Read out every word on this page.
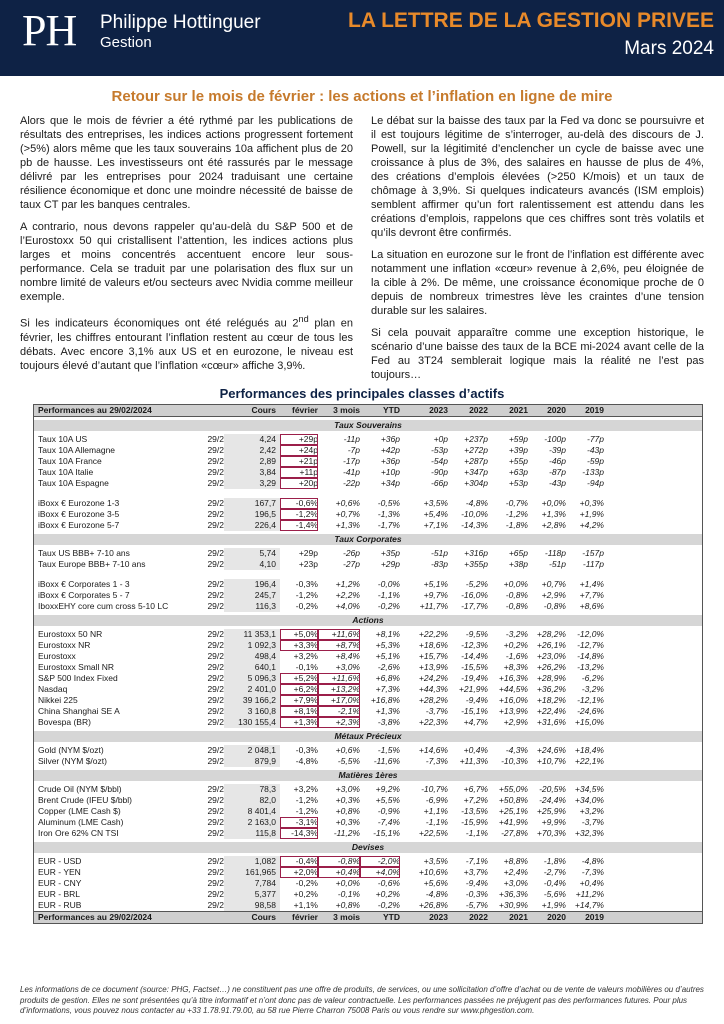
PH Philippe Hottinguer
Gestion
LA LETTRE DE LA GESTION PRIVEE
Mars 2024
Retour sur le mois de février : les actions et l’inflation en ligne de mire

Alors que le mois de février a été rythmé par les publications de résultats des entreprises, les indices actions progressent fortement (>5%) alors même que les taux souverains 10a affichent plus de 20 pb de hausse. Les investisseurs ont été rassurés par le message délivré par les entreprises pour 2024 traduisant une certaine résilience économique et donc une moindre nécessité de baisse de taux CT par les banques centrales.

A contrario, nous devons rappeler qu’au-delà du S&P 500 et de l’Eurostoxx 50 qui cristallisent l’attention, les indices actions plus larges et moins concentrés accentuent encore leur sous-performance. Cela se traduit par une polarisation des flux sur un nombre limité de valeurs et/ou secteurs avec Nvidia comme meilleur exemple.

Si les indicateurs économiques ont été relégués au 2nd plan en février, les chiffres entourant l’inflation restent au cœur de tous les débats. Avec encore 3,1% aux US et en eurozone, le niveau est toujours élevé d’autant que l’inflation «cœur» affiche 3,9%.

Le débat sur la baisse des taux par la Fed va donc se poursuivre et il est toujours légitime de s’interroger, au-delà des discours de J. Powell, sur la légitimité d’enclencher un cycle de baisse avec une croissance à plus de 3%, des salaires en hausse de plus de 4%, des créations d’emplois élevées (>250 K/mois) et un taux de chômage à 3,9%. Si quelques indicateurs avancés (ISM emplois) semblent affirmer qu’un fort ralentissement est attendu dans les créations d’emplois, rappelons que ces chiffres sont très volatils et qu’ils devront être confirmés.

La situation en eurozone sur le front de l’inflation est différente avec notamment une inflation «cœur» revenue à 2,6%, peu éloignée de la cible à 2%. De même, une croissance économique proche de 0 depuis de nombreux trimestres lève les craintes d’une tension durable sur les salaires.

Si cela pouvait apparaître comme une exception historique, le scénario d’une baisse des taux de la BCE mi-2024 avant celle de la Fed au 3T24 semblerait logique mais la réalité ne l’est pas toujours…

Performances des principales classes d’actifs
Performances au 29/02/2024	Cours	février	3 mois	YTD	2023	2022	2021	2020	2019
Taux Souverains
Taux 10A US	29/2	4,24	+29p	-11p	+36p	+0p	+237p	+59p	-100p	-77p
Taux 10A Allemagne	29/2	2,42	+24p	-7p	+42p	-53p	+272p	+39p	-39p	-43p
Taux 10A France	29/2	2,89	+21p	-17p	+36p	-54p	+287p	+55p	-46p	-59p
Taux 10A Italie	29/2	3,84	+11p	-41p	+10p	-90p	+347p	+63p	-87p	-133p
Taux 10A Espagne	29/2	3,29	+20p	-22p	+34p	-66p	+304p	+53p	-43p	-94p
iBoxx € Eurozone 1-3	29/2	167,7	-0,6%	+0,6%	-0,5%	+3,5%	-4,8%	-0,7%	+0,0%	+0,3%
iBoxx € Eurozone 3-5	29/2	196,5	-1,2%	+0,7%	-1,3%	+5,4%	-10,0%	-1,2%	+1,3%	+1,9%
iBoxx € Eurozone 5-7	29/2	226,4	-1,4%	+1,3%	-1,7%	+7,1%	-14,3%	-1,8%	+2,8%	+4,2%
Taux Corporates
Taux US BBB+ 7-10 ans	29/2	5,74	+29p	-26p	+35p	-51p	+316p	+65p	-118p	-157p
Taux Europe BBB+ 7-10 ans	29/2	4,10	+23p	-27p	+29p	-83p	+355p	+38p	-51p	-117p
iBoxx € Corporates 1 - 3	29/2	196,4	-0,3%	+1,2%	-0,0%	+5,1%	-5,2%	+0,0%	+0,7%	+1,4%
iBoxx € Corporates 5 - 7	29/2	245,7	-1,2%	+2,2%	-1,1%	+9,7%	-16,0%	-0,8%	+2,9%	+7,7%
IboxxEHY core cum cross 5-10 LC	29/2	116,3	-0,2%	+4,0%	-0,2%	+11,7%	-17,7%	-0,8%	-0,8%	+8,6%
Actions
Eurostoxx 50 NR	29/2	11 353,1	+5,0%	+11,6%	+8,1%	+22,2%	-9,5%	-3,2%	+28,2%	-12,0%
Eurostoxx NR	29/2	1 092,3	+3,3%	+8,7%	+5,3%	+18,6%	-12,3%	+0,2%	+26,1%	-12,7%
Eurostoxx	29/2	498,4	+3,2%	+8,4%	+5,1%	+15,7%	-14,4%	-1,6%	+23,0%	-14,8%
Eurostoxx Small NR	29/2	640,1	-0,1%	+3,0%	-2,6%	+13,9%	-15,5%	+8,3%	+26,2%	-13,2%
S&P 500 Index Fixed	29/2	5 096,3	+5,2%	+11,6%	+6,8%	+24,2%	-19,4%	+16,3%	+28,9%	-6,2%
Nasdaq	29/2	2 401,0	+6,2%	+13,2%	+7,3%	+44,3%	+21,9%	+44,5%	+36,2%	-3,2%
Nikkei 225	29/2	39 166,2	+7,9%	+17,0%	+16,8%	+28,2%	-9,4%	+16,0%	+18,2%	-12,1%
China Shanghai SE A	29/2	3 160,8	+8,1%	-2,1%	+1,3%	-3,7%	-15,1%	+13,9%	+22,4%	-24,6%
Bovespa (BR)	29/2	130 155,4	+1,3%	+2,3%	-3,8%	+22,3%	+4,7%	+2,9%	+31,6%	+15,0%
Métaux Précieux
Gold (NYM $/ozt)	29/2	2 048,1	-0,3%	+0,6%	-1,5%	+14,6%	+0,4%	-4,3%	+24,6%	+18,4%
Silver (NYM $/ozt)	29/2	879,9	-4,8%	-5,5%	-11,6%	-7,3%	+11,3%	-10,3%	+10,7%	+22,1%
Matières 1ères
Crude Oil (NYM $/bbl)	29/2	78,3	+3,2%	+3,0%	+9,2%	-10,7%	+6,7%	+55,0%	-20,5%	+34,5%
Brent Crude (IFEU $/bbl)	29/2	82,0	-1,2%	+0,3%	+5,5%	-6,9%	+7,2%	+50,8%	-24,4%	+34,0%
Copper (LME Cash $)	29/2	8 401,4	-1,2%	+0,8%	-0,9%	+1,1%	-13,5%	+25,1%	+25,9%	+3,2%
Aluminum (LME Cash)	29/2	2 163,0	-3,1%	+0,3%	-7,4%	-1,1%	-15,9%	+41,9%	+9,9%	-3,7%
Iron Ore 62% CN TSI	29/2	115,8	-14,3%	-11,2%	-15,1%	+22,5%	-1,1%	-27,8%	+70,3%	+32,3%
Devises
EUR - USD	29/2	1,082	-0,4%	-0,8%	-2,0%	+3,5%	-7,1%	+8,8%	-1,8%	-4,8%
EUR - YEN	29/2	161,965	+2,0%	+0,4%	+4,0%	+10,6%	+3,7%	+2,4%	-2,7%	-7,3%
EUR - CNY	29/2	7,784	-0,2%	+0,0%	-0,6%	+5,6%	-9,4%	+3,0%	-0,4%	+0,4%
EUR - BRL	29/2	5,377	+0,2%	-0,1%	+0,2%	-4,8%	-0,3%	+36,3%	-5,6%	+11,2%
EUR - RUB	29/2	98,58	+1,1%	+0,8%	-0,2%	+26,8%	-5,7%	+30,9%	+1,9%	+14,7%
Performances au 29/02/2024	Cours	février	3 mois	YTD	2023	2022	2021	2020	2019
Les informations de ce document (source: PHG, Factset…) ne constituent pas une offre de produits, de services, ou une sollicitation d’offre d’achat ou de vente de valeurs mobilières ou d’autres produits de gestion. Elles ne sont présentées qu’à titre informatif et n’ont donc pas de valeur contractuelle. Les performances passées ne préjugent pas des performances futures. Pour plus d’informations, vous pouvez nous contacter au +33 1.78.91.79.00, au 58 rue Pierre Charron 75008 Paris ou vous rendre sur www.phgestion.com.
